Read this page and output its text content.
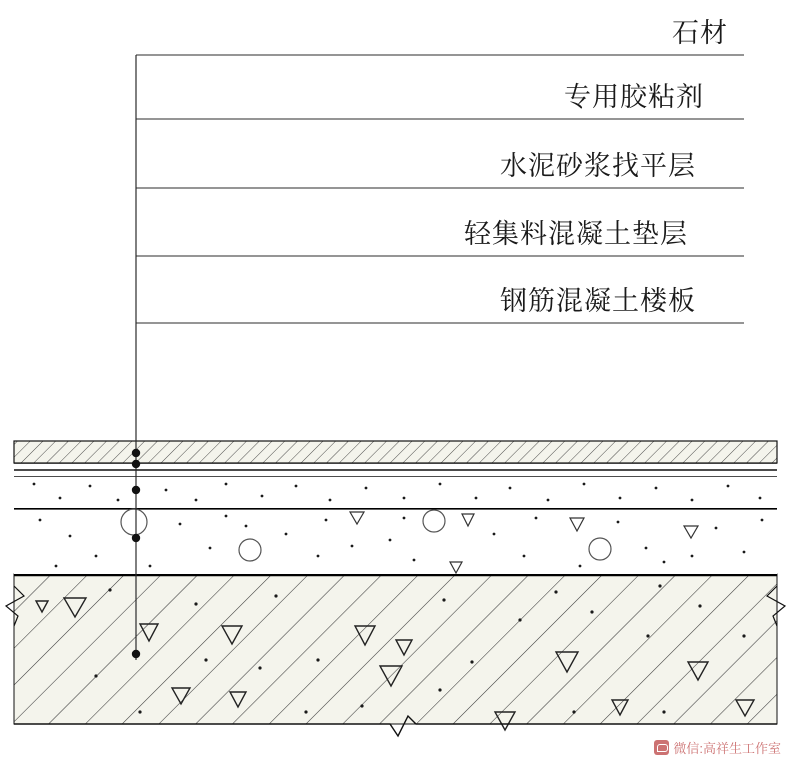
石材
专用胶粘剂
水泥砂浆找平层
轻集料混凝土垫层
钢筋混凝土楼板
微信:高祥生工作室
